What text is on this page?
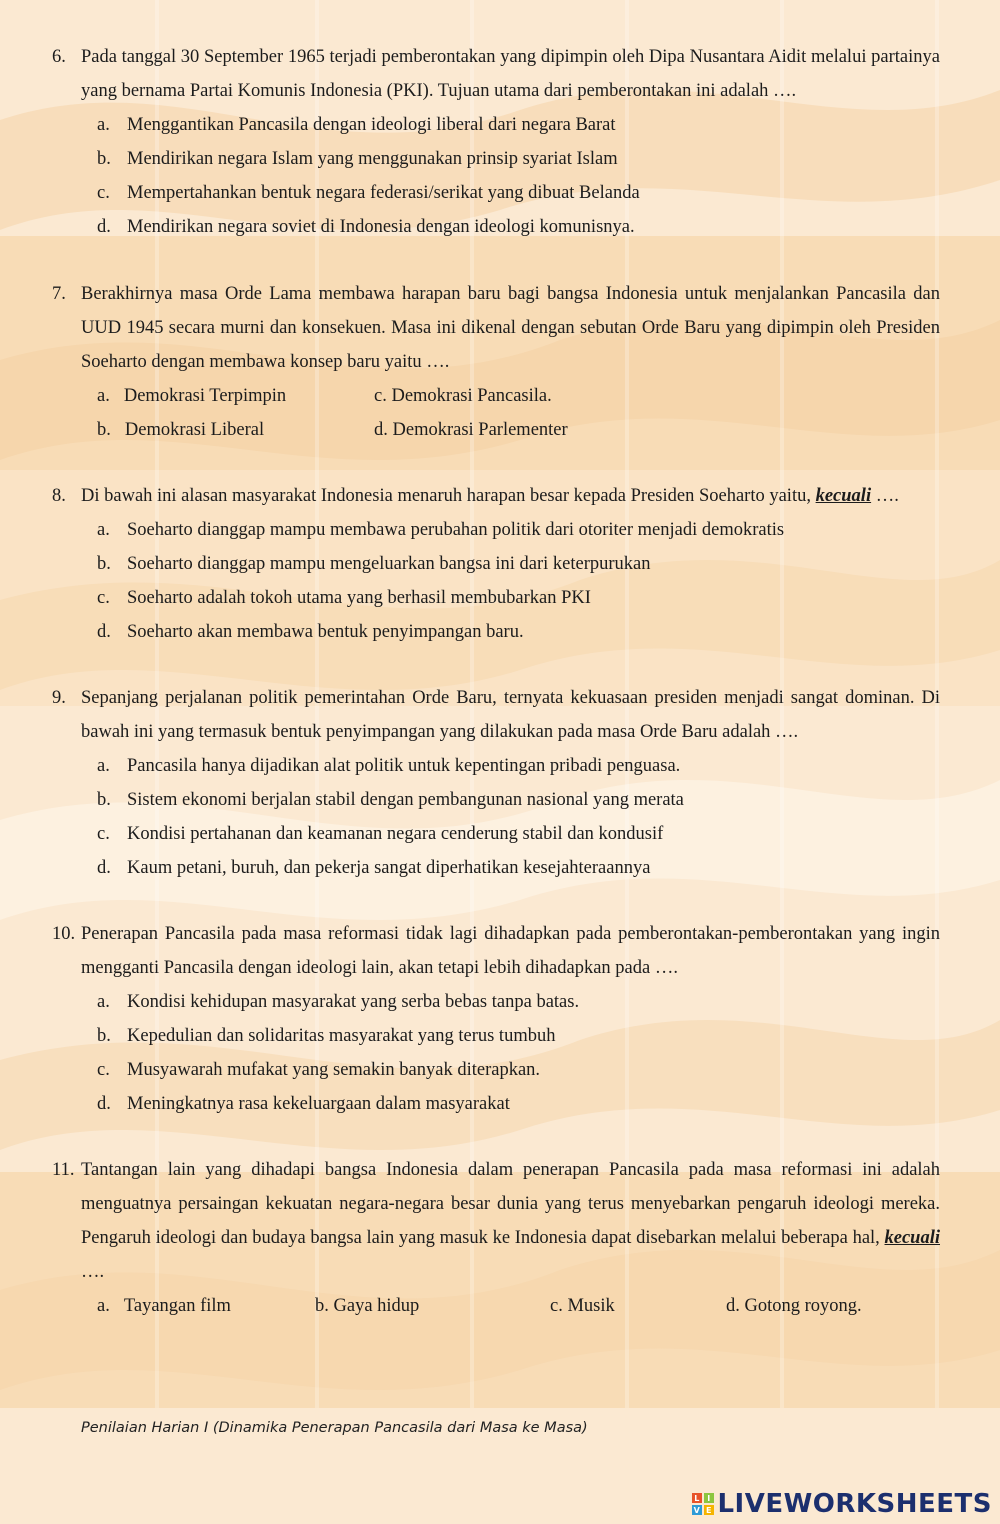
6. Pada tanggal 30 September 1965 terjadi pemberontakan yang dipimpin oleh Dipa Nusantara Aidit melalui partainya yang bernama Partai Komunis Indonesia (PKI). Tujuan utama dari pemberontakan ini adalah ….
a. Menggantikan Pancasila dengan ideologi liberal dari negara Barat
b. Mendirikan negara Islam yang menggunakan prinsip syariat Islam
c. Mempertahankan bentuk negara federasi/serikat yang dibuat Belanda
d. Mendirikan negara soviet di Indonesia dengan ideologi komunisnya.
7. Berakhirnya masa Orde Lama membawa harapan baru bagi bangsa Indonesia untuk menjalankan Pancasila dan UUD 1945 secara murni dan konsekuen. Masa ini dikenal dengan sebutan Orde Baru yang dipimpin oleh Presiden Soeharto dengan membawa konsep baru yaitu ….
a. Demokrasi Terpimpin	c. Demokrasi Pancasila.
b. Demokrasi Liberal	d. Demokrasi Parlementer
8. Di bawah ini alasan masyarakat Indonesia menaruh harapan besar kepada Presiden Soeharto yaitu, kecuali ….
a. Soeharto dianggap mampu membawa perubahan politik dari otoriter menjadi demokratis
b. Soeharto dianggap mampu mengeluarkan bangsa ini dari keterpurukan
c. Soeharto adalah tokoh utama yang berhasil membubarkan PKI
d. Soeharto akan membawa bentuk penyimpangan baru.
9. Sepanjang perjalanan politik pemerintahan Orde Baru, ternyata kekuasaan presiden menjadi sangat dominan. Di bawah ini yang termasuk bentuk penyimpangan yang dilakukan pada masa Orde Baru adalah ….
a. Pancasila hanya dijadikan alat politik untuk kepentingan pribadi penguasa.
b. Sistem ekonomi berjalan stabil dengan pembangunan nasional yang merata
c. Kondisi pertahanan dan keamanan negara cenderung stabil dan kondusif
d. Kaum petani, buruh, dan pekerja sangat diperhatikan kesejahteraannya
10. Penerapan Pancasila pada masa reformasi tidak lagi dihadapkan pada pemberontakan-pemberontakan yang ingin mengganti Pancasila dengan ideologi lain, akan tetapi lebih dihadapkan pada ….
a. Kondisi kehidupan masyarakat yang serba bebas tanpa batas.
b. Kepedulian dan solidaritas masyarakat yang terus tumbuh
c. Musyawarah mufakat yang semakin banyak diterapkan.
d. Meningkatnya rasa kekeluargaan dalam masyarakat
11. Tantangan lain yang dihadapi bangsa Indonesia dalam penerapan Pancasila pada masa reformasi ini adalah menguatnya persaingan kekuatan negara-negara besar dunia yang terus menyebarkan pengaruh ideologi mereka. Pengaruh ideologi dan budaya bangsa lain yang masuk ke Indonesia dapat disebarkan melalui beberapa hal, kecuali ….
a. Tayangan film	b. Gaya hidup	c. Musik	d. Gotong royong.
Penilaian Harian I (Dinamika Penerapan Pancasila dari Masa ke Masa)
L I
V E LIVEWORKSHEETS
